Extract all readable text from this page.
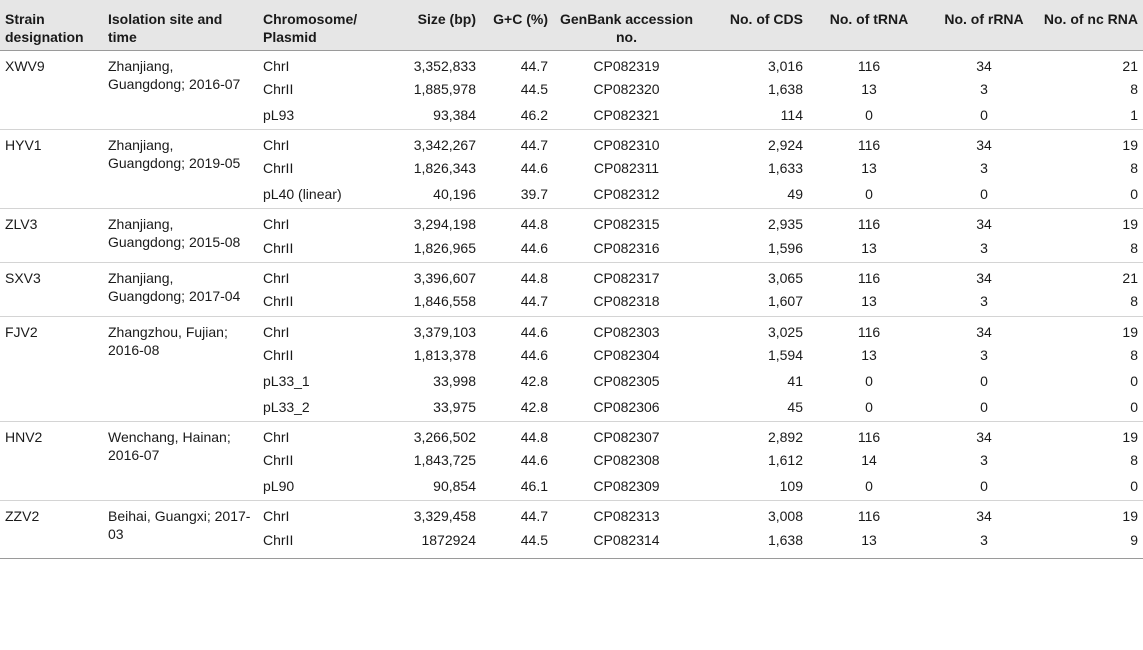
Strain designation	Isolation site and time	Chromosome/ Plasmid	Size (bp)	G+C (%)	GenBank accession no.	No. of CDS	No. of tRNA	No. of rRNA	No. of nc RNA
XWV9	Zhanjiang, Guangdong; 2016-07	ChrI	3,352,833	44.7	CP082319	3,016	116	34	21
		ChrII	1,885,978	44.5	CP082320	1,638	13	3	8
		pL93	93,384	46.2	CP082321	114	0	0	1
HYV1	Zhanjiang, Guangdong; 2019-05	ChrI	3,342,267	44.7	CP082310	2,924	116	34	19
		ChrII	1,826,343	44.6	CP082311	1,633	13	3	8
		pL40 (linear)	40,196	39.7	CP082312	49	0	0	0
ZLV3	Zhanjiang, Guangdong; 2015-08	ChrI	3,294,198	44.8	CP082315	2,935	116	34	19
		ChrII	1,826,965	44.6	CP082316	1,596	13	3	8
SXV3	Zhanjiang, Guangdong; 2017-04	ChrI	3,396,607	44.8	CP082317	3,065	116	34	21
		ChrII	1,846,558	44.7	CP082318	1,607	13	3	8
FJV2	Zhangzhou, Fujian; 2016-08	ChrI	3,379,103	44.6	CP082303	3,025	116	34	19
		ChrII	1,813,378	44.6	CP082304	1,594	13	3	8
		pL33_1	33,998	42.8	CP082305	41	0	0	0
		pL33_2	33,975	42.8	CP082306	45	0	0	0
HNV2	Wenchang, Hainan; 2016-07	ChrI	3,266,502	44.8	CP082307	2,892	116	34	19
		ChrII	1,843,725	44.6	CP082308	1,612	14	3	8
		pL90	90,854	46.1	CP082309	109	0	0	0
ZZV2	Beihai, Guangxi; 2017-03	ChrI	3,329,458	44.7	CP082313	3,008	116	34	19
		ChrII	1872924	44.5	CP082314	1,638	13	3	9
